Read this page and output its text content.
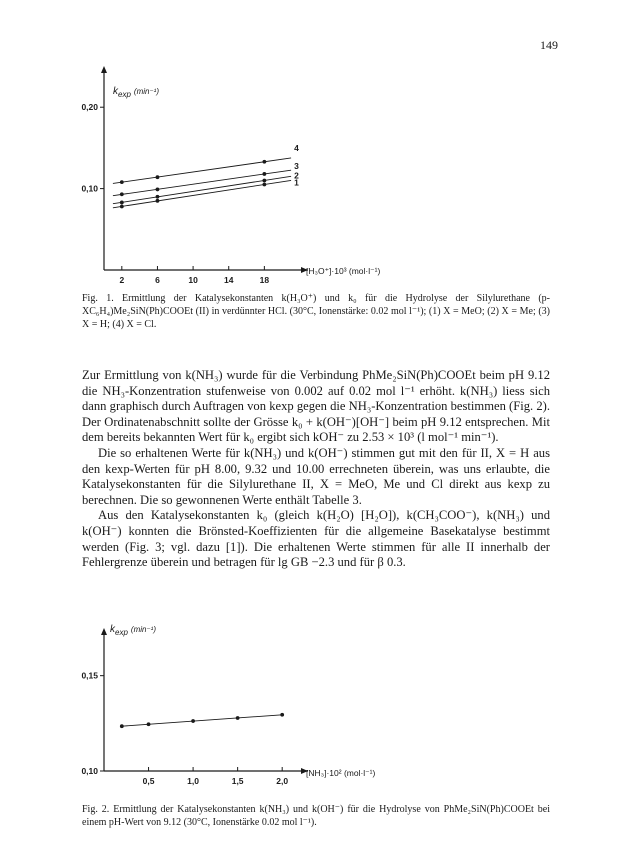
149
2	6	10	14	18
0,10
0,20
1
2
3
4
$k_{exp}$ $^{(min^{-1})}$
[H₃O⁺]·10³ (mol·l⁻¹)
Fig. 1. Ermittlung der Katalysekonstanten k(H₃O⁺) und k₀ für die Hydrolyse der Silylurethane (p-XC₆H₄)Me₂SiN(Ph)COOEt (II) in verdünnter HCl. (30°C, Ionenstärke: 0.02 mol l⁻¹); (1) X = MeO; (2) X = Me; (3) X = H; (4) X = Cl.

Zur Ermittlung von k(NH₃) wurde für die Verbindung PhMe₂SiN(Ph)COOEt beim pH 9.12 die NH₃-Konzentration stufenweise von 0.002 auf 0.02 mol l⁻¹ erhöht. k(NH₃) liess sich dann graphisch durch Auftragen von kexp gegen die NH₃-Konzentration bestimmen (Fig. 2). Der Ordinatenabschnitt sollte der Grösse k₀ + k(OH⁻)[OH⁻] beim pH 9.12 entsprechen. Mit dem bereits bekannten Wert für k₀ ergibt sich kOH⁻ zu 2.53 × 10³ (l mol⁻¹ min⁻¹).

Die so erhaltenen Werte für k(NH₃) und k(OH⁻) stimmen gut mit den für II, X = H aus den kexp-Werten für pH 8.00, 9.32 und 10.00 errechneten überein, was uns erlaubte, die Katalysekonstanten für die Silylurethane II, X = MeO, Me und Cl direkt aus kexp zu berechnen. Die so gewonnenen Werte enthält Tabelle 3.

Aus den Katalysekonstanten k₀ (gleich k(H₂O) [H₂O]), k(CH₃COO⁻), k(NH₃) und k(OH⁻) konnten die Brönsted-Koeffizienten für die allgemeine Basekatalyse bestimmt werden (Fig. 3; vgl. dazu [1]). Die erhaltenen Werte stimmen für alle II innerhalb der Fehlergrenze überein und betragen für lg GB −2.3 und für β 0.3.

0,5	1,0	1,5	2,0
0,10
0,15
$k_{exp}$ $^{(min^{-1})}$
[NH₃]·10² (mol·l⁻¹)
Fig. 2. Ermittlung der Katalysekonstanten k(NH₃) und k(OH⁻) für die Hydrolyse von PhMe₂SiN(Ph)COOEt bei einem pH-Wert von 9.12 (30°C, Ionenstärke 0.02 mol l⁻¹).
